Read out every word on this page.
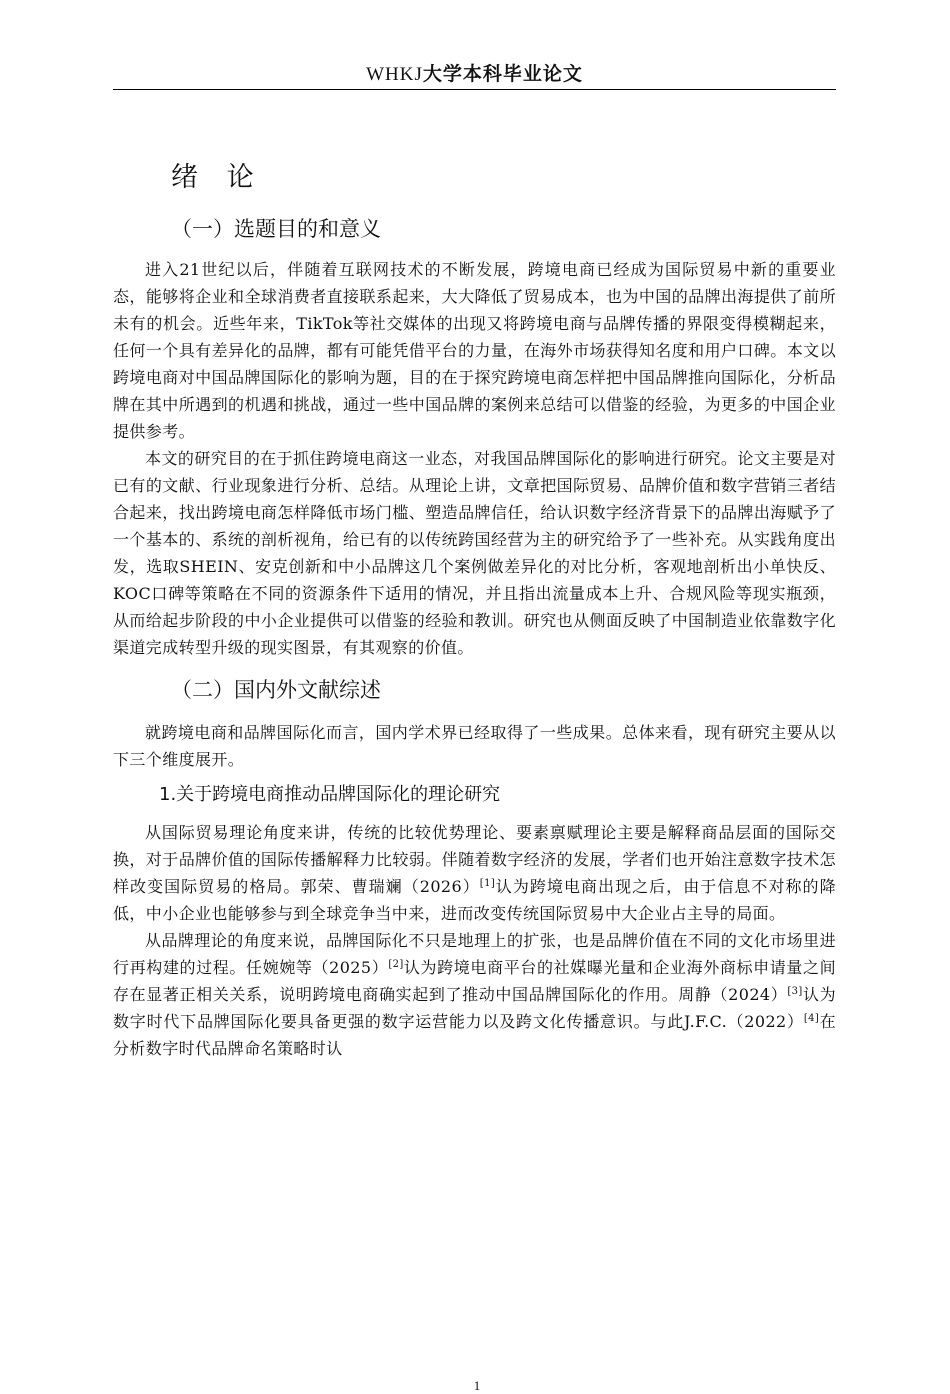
WHKJ大学本科毕业论文
绪 论
（一）选题目的和意义

进入21世纪以后，伴随着互联网技术的不断发展，跨境电商已经成为国际贸易中新的重要业态，能够将企业和全球消费者直接联系起来，大大降低了贸易成本，也为中国的品牌出海提供了前所未有的机会。近些年来，TikTok等社交媒体的出现又将跨境电商与品牌传播的界限变得模糊起来，任何一个具有差异化的品牌，都有可能凭借平台的力量，在海外市场获得知名度和用户口碑。本文以跨境电商对中国品牌国际化的影响为题，目的在于探究跨境电商怎样把中国品牌推向国际化，分析品牌在其中所遇到的机遇和挑战，通过一些中国品牌的案例来总结可以借鉴的经验，为更多的中国企业提供参考。

本文的研究目的在于抓住跨境电商这一业态，对我国品牌国际化的影响进行研究。论文主要是对已有的文献、行业现象进行分析、总结。从理论上讲，文章把国际贸易、品牌价值和数字营销三者结合起来，找出跨境电商怎样降低市场门槛、塑造品牌信任，给认识数字经济背景下的品牌出海赋予了一个基本的、系统的剖析视角，给已有的以传统跨国经营为主的研究给予了一些补充。从实践角度出发，选取SHEIN、安克创新和中小品牌这几个案例做差异化的对比分析，客观地剖析出小单快反、KOC口碑等策略在不同的资源条件下适用的情况，并且指出流量成本上升、合规风险等现实瓶颈，从而给起步阶段的中小企业提供可以借鉴的经验和教训。研究也从侧面反映了中国制造业依靠数字化渠道完成转型升级的现实图景，有其观察的价值。

（二）国内外文献综述

就跨境电商和品牌国际化而言，国内学术界已经取得了一些成果。总体来看，现有研究主要从以下三个维度展开。

1.关于跨境电商推动品牌国际化的理论研究

从国际贸易理论角度来讲，传统的比较优势理论、要素禀赋理论主要是解释商品层面的国际交换，对于品牌价值的国际传播解释力比较弱。伴随着数字经济的发展，学者们也开始注意数字技术怎样改变国际贸易的格局。郭荣、曹瑞斓（2026）[1]认为跨境电商出现之后，由于信息不对称的降低，中小企业也能够参与到全球竞争当中来，进而改变传统国际贸易中大企业占主导的局面。

从品牌理论的角度来说，品牌国际化不只是地理上的扩张，也是品牌价值在不同的文化市场里进行再构建的过程。任婉婉等（2025）[2]认为跨境电商平台的社媒曝光量和企业海外商标申请量之间存在显著正相关关系，说明跨境电商确实起到了推动中国品牌国际化的作用。周静（2024）[3]认为数字时代下品牌国际化要具备更强的数字运营能力以及跨文化传播意识。与此J.F.C.（2022）[4]在分析数字时代品牌命名策略时认

1
